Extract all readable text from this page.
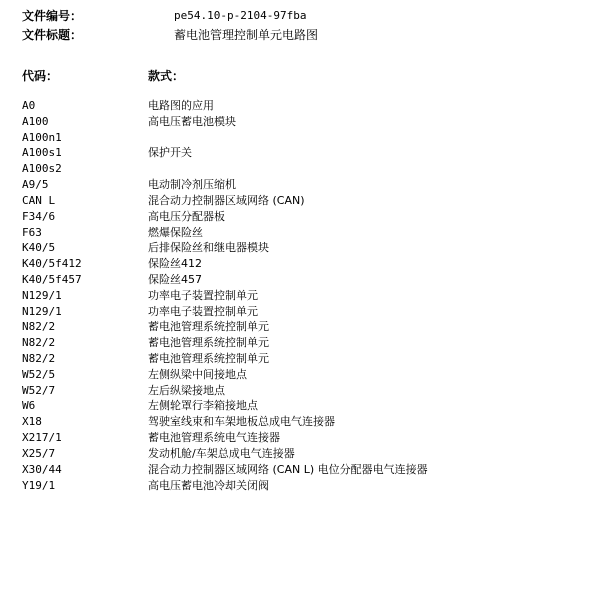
文件编号：	pe54.10-p-2104-97fba
文件标题：	蓄电池管理控制单元电路图
代码：	款式：
A0	电路图的应用
A100	高电压蓄电池模块
A100n1
A100s1	保护开关
A100s2
A9/5	电动制冷剂压缩机
CAN L	混合动力控制器区域网络 (CAN)
F34/6	高电压分配器板
F63	燃爆保险丝
K40/5	后排保险丝和继电器模块
K40/5f412	保险丝412
K40/5f457	保险丝457
N129/1	功率电子装置控制单元
N129/1	功率电子装置控制单元
N82/2	蓄电池管理系统控制单元
N82/2	蓄电池管理系统控制单元
N82/2	蓄电池管理系统控制单元
W52/5	左侧纵梁中间接地点
W52/7	左后纵梁接地点
W6	左侧轮罩行李箱接地点
X18	驾驶室线束和车架地板总成电气连接器
X217/1	蓄电池管理系统电气连接器
X25/7	发动机舱/车架总成电气连接器
X30/44	混合动力控制器区域网络 (CAN L) 电位分配器电气连接器
Y19/1	高电压蓄电池冷却关闭阀
